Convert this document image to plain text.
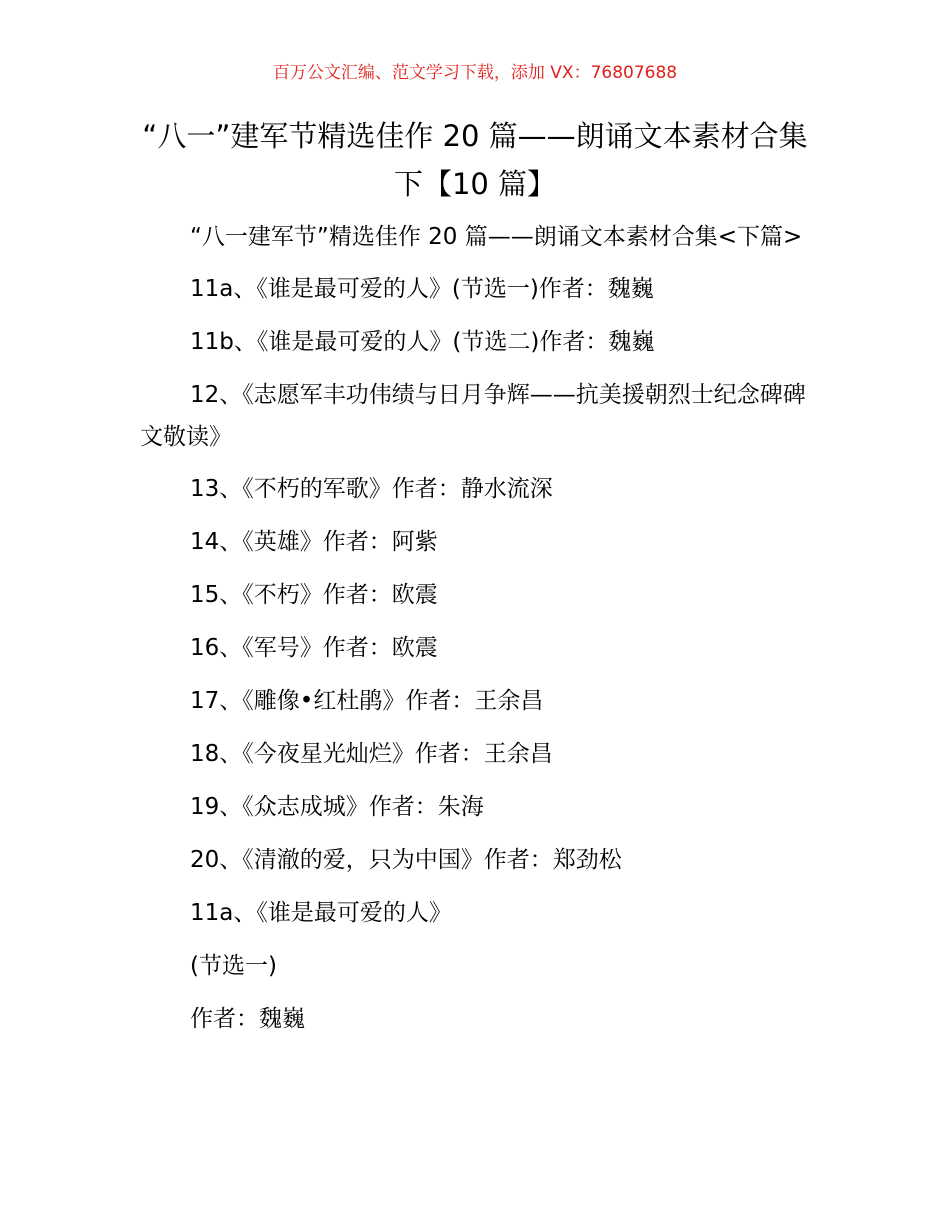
百万公文汇编、范文学习下载，添加 VX：76807688
“八一”建军节精选佳作 20 篇——朗诵文本素材合集下【10 篇】

“八一建军节”精选佳作 20 篇——朗诵文本素材合集<下篇>

11a、《谁是最可爱的人》(节选一)作者：魏巍

11b、《谁是最可爱的人》(节选二)作者：魏巍

12、《志愿军丰功伟绩与日月争辉——抗美援朝烈士纪念碑碑文敬读》

13、《不朽的军歌》作者：静水流深

14、《英雄》作者：阿紫

15、《不朽》作者：欧震

16、《军号》作者：欧震

17、《雕像•红杜鹃》作者：王余昌

18、《今夜星光灿烂》作者：王余昌

19、《众志成城》作者：朱海

20、《清澈的爱，只为中国》作者：郑劲松

11a、《谁是最可爱的人》

(节选一)

作者：魏巍
